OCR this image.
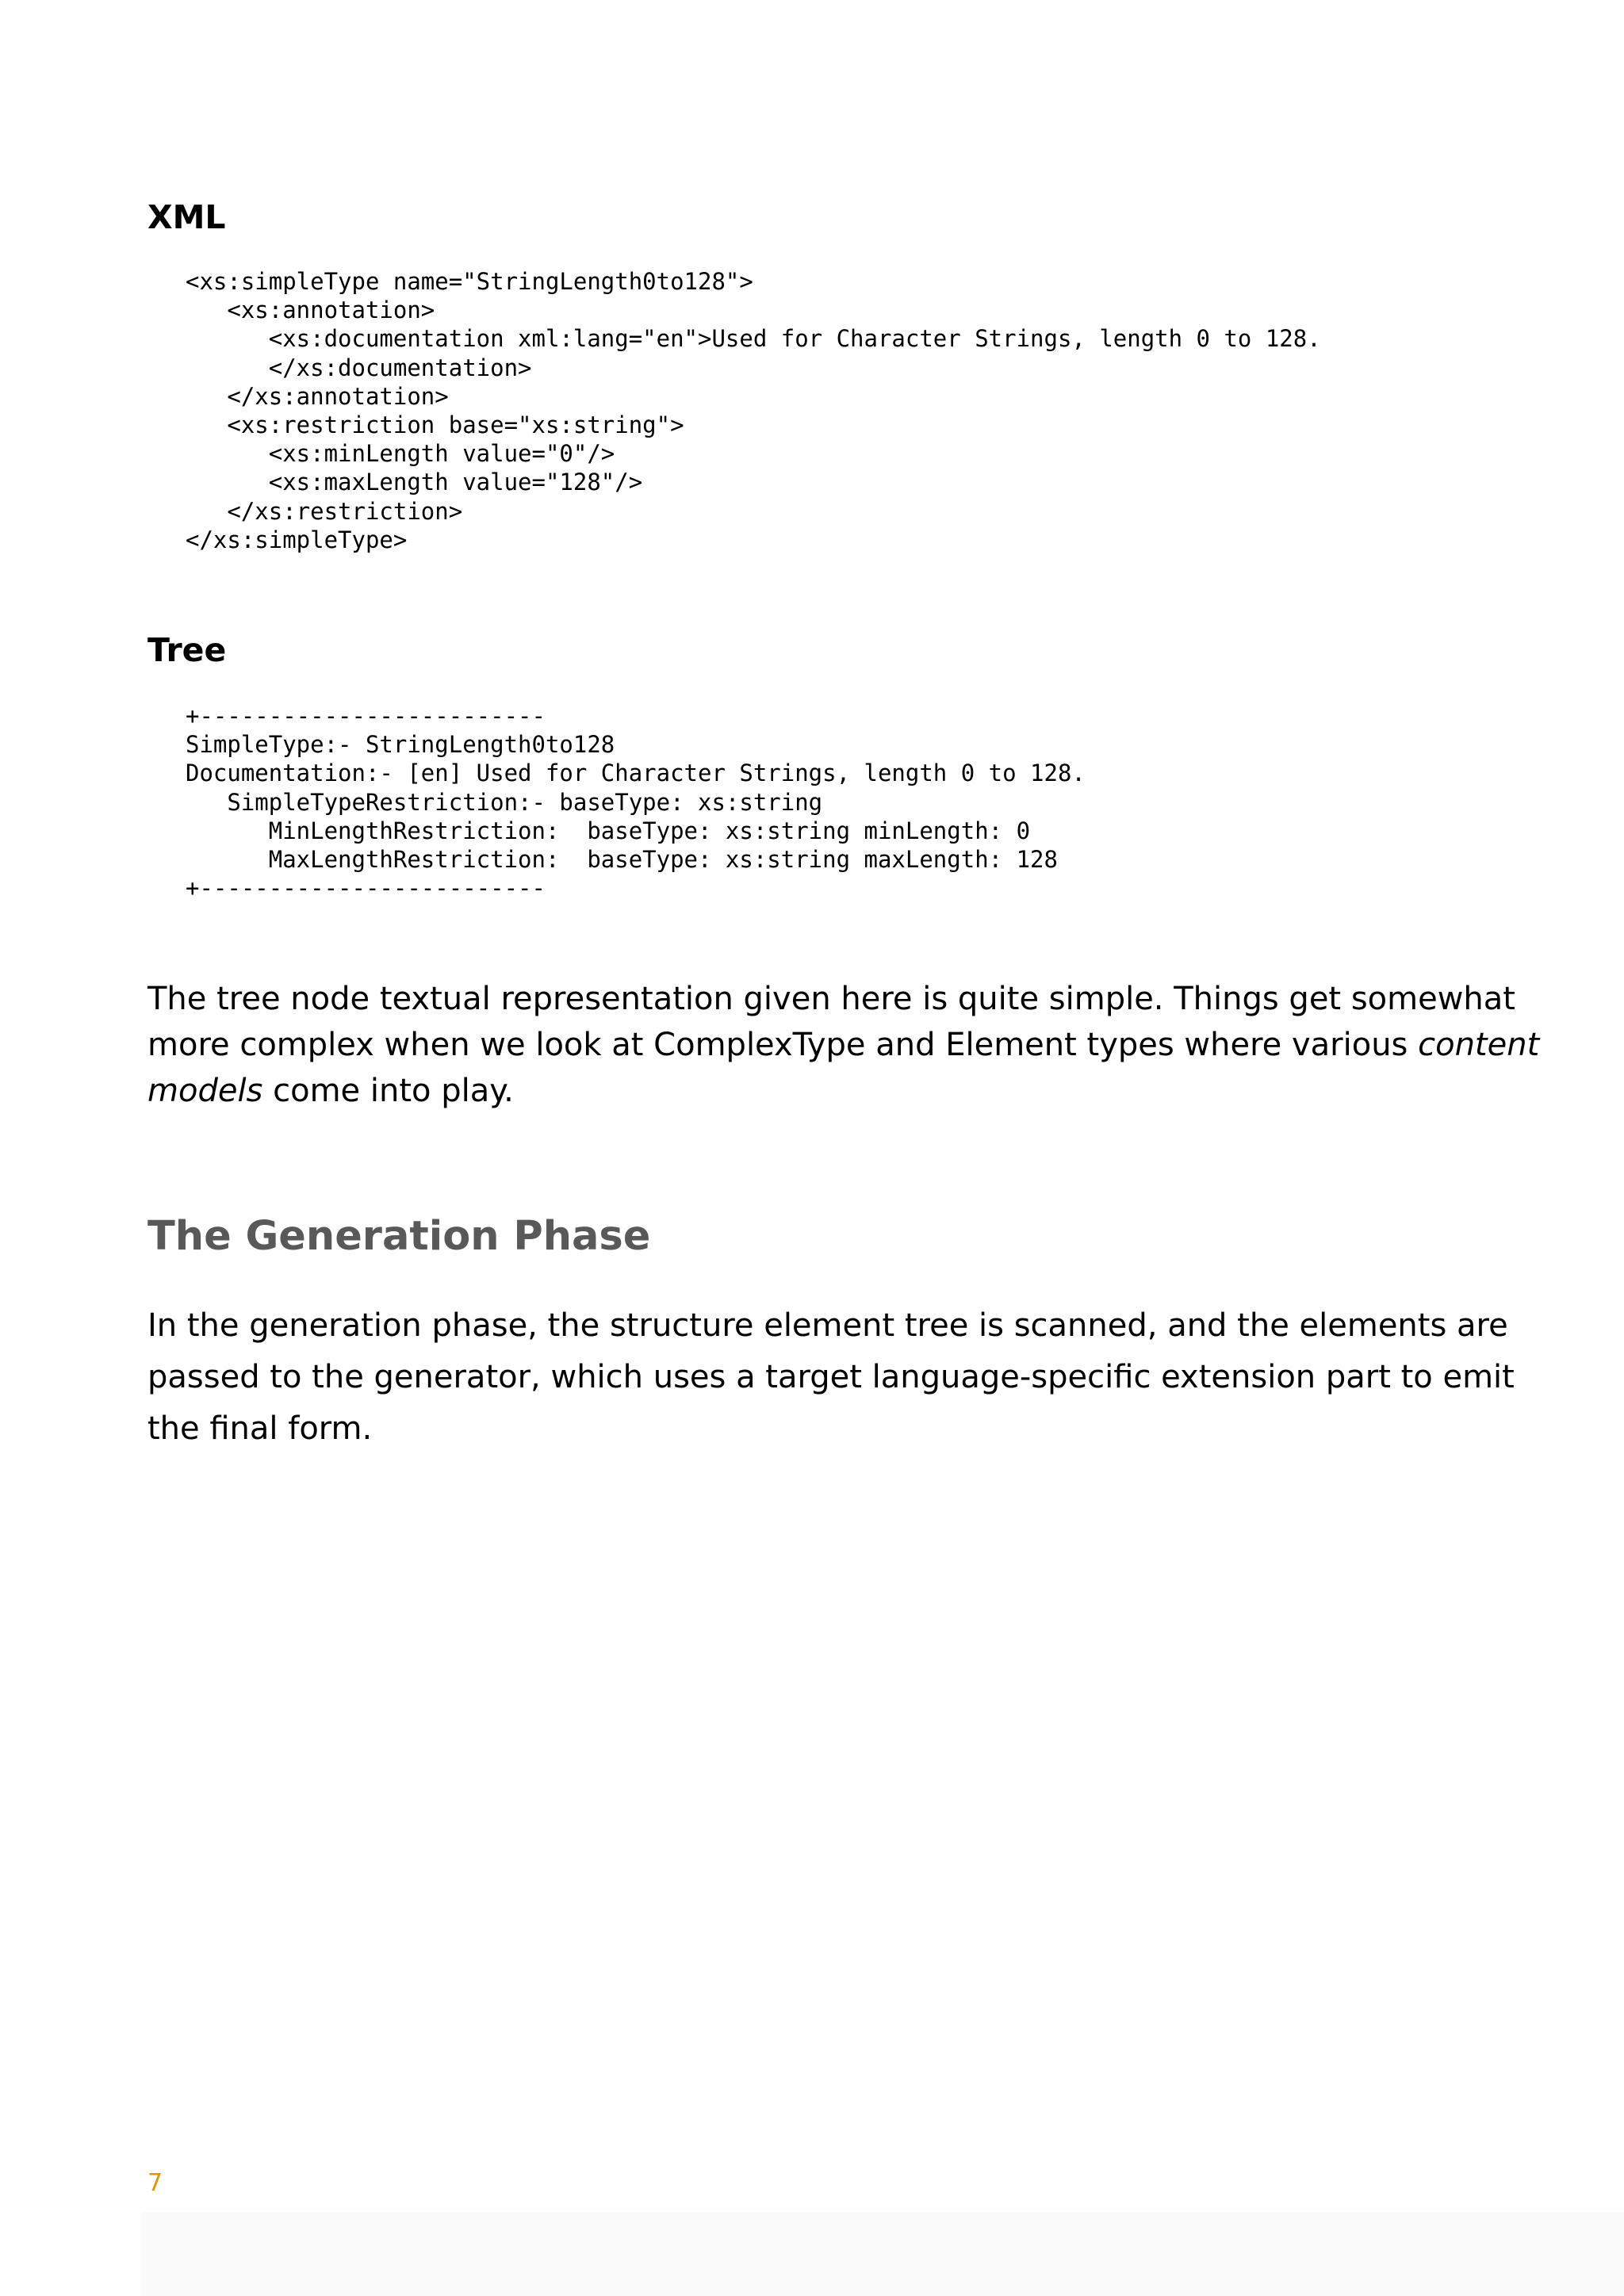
XML
<xs:simpleType name="StringLength0to128">
<xs:annotation>
<xs:documentation xml:lang="en">Used for Character Strings, length 0 to 128.
</xs:documentation>
</xs:annotation>
<xs:restriction base="xs:string">
<xs:minLength value="0"/>
<xs:maxLength value="128"/>
</xs:restriction>
</xs:simpleType>
Tree
+-------------------------
SimpleType:- StringLength0to128
Documentation:- [en] Used for Character Strings, length 0 to 128.
SimpleTypeRestriction:- baseType: xs:string
MinLengthRestriction:  baseType: xs:string minLength: 0
MaxLengthRestriction:  baseType: xs:string maxLength: 128
+-------------------------

The tree node textual representation given here is quite simple. Things get somewhat more complex when we look at ComplexType and Element types where various content models come into play.

The Generation Phase

In the generation phase, the structure element tree is scanned, and the elements are passed to the generator, which uses a target language-specific extension part to emit the final form.

7
